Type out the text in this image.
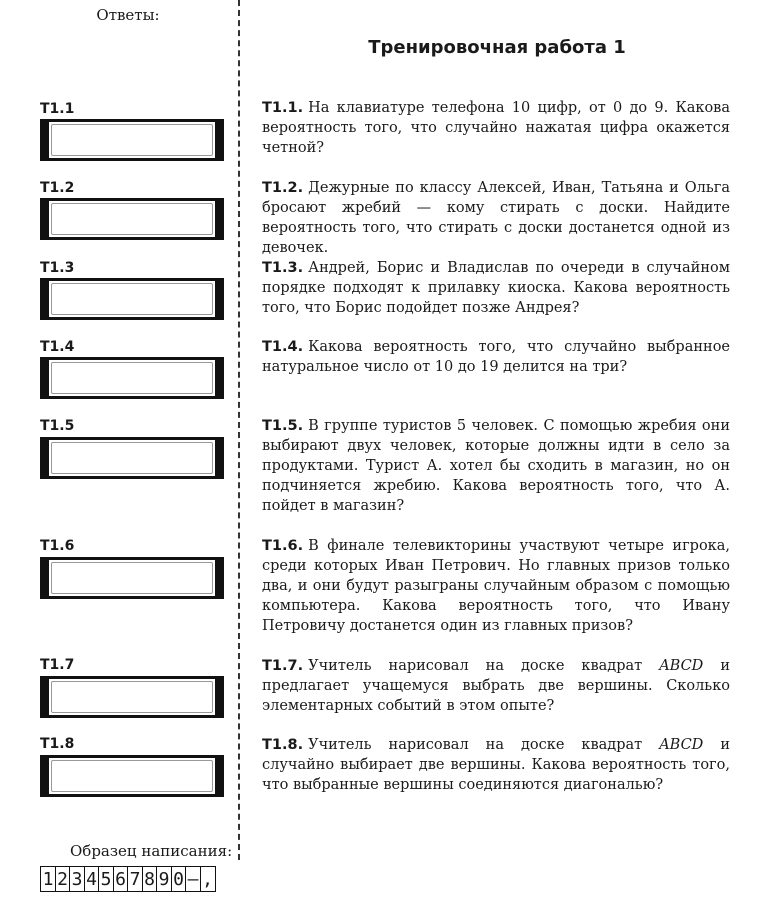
Ответы:
Тренировочная работа 1
T1.1
T1.2
T1.3
T1.4
T1.5
T1.6
T1.7
T1.8
T1.1. На клавиатуре телефона 10 цифр, от 0 до 9. Какова вероятность того, что случайно нажатая цифра окажется четной?
T1.2. Дежурные по классу Алексей, Иван, Татьяна и Ольга бросают жребий — кому стирать с доски. Найдите вероятность того, что стирать с доски достанется одной из девочек.
T1.3. Андрей, Борис и Владислав по очереди в случайном порядке подходят к прилавку киоска. Какова вероятность того, что Борис подойдет позже Андрея?
T1.4. Какова вероятность того, что случайно выбранное натуральное число от 10 до 19 делится на три?
T1.5. В группе туристов 5 человек. С помощью жребия они выбирают двух человек, которые должны идти в село за продуктами. Турист А. хотел бы сходить в магазин, но он подчиняется жребию. Какова вероятность того, что А. пойдет в магазин?
T1.6. В финале телевикторины участвуют четыре игрока, среди которых Иван Петрович. Но главных призов только два, и они будут разыграны случайным образом с помощью компьютера. Какова вероятность того, что Ивану Петровичу достанется один из главных призов?
T1.7. Учитель нарисовал на доске квадрат ABCD и предлагает учащемуся выбрать две вершины. Сколько элементарных событий в этом опыте?
T1.8. Учитель нарисовал на доске квадрат ABCD и случайно выбирает две вершины. Какова вероятность того, что выбранные вершины соединяются диагональю?
Образец написания:
1 2 3 4 5 6 7 8 9 0 – ,
